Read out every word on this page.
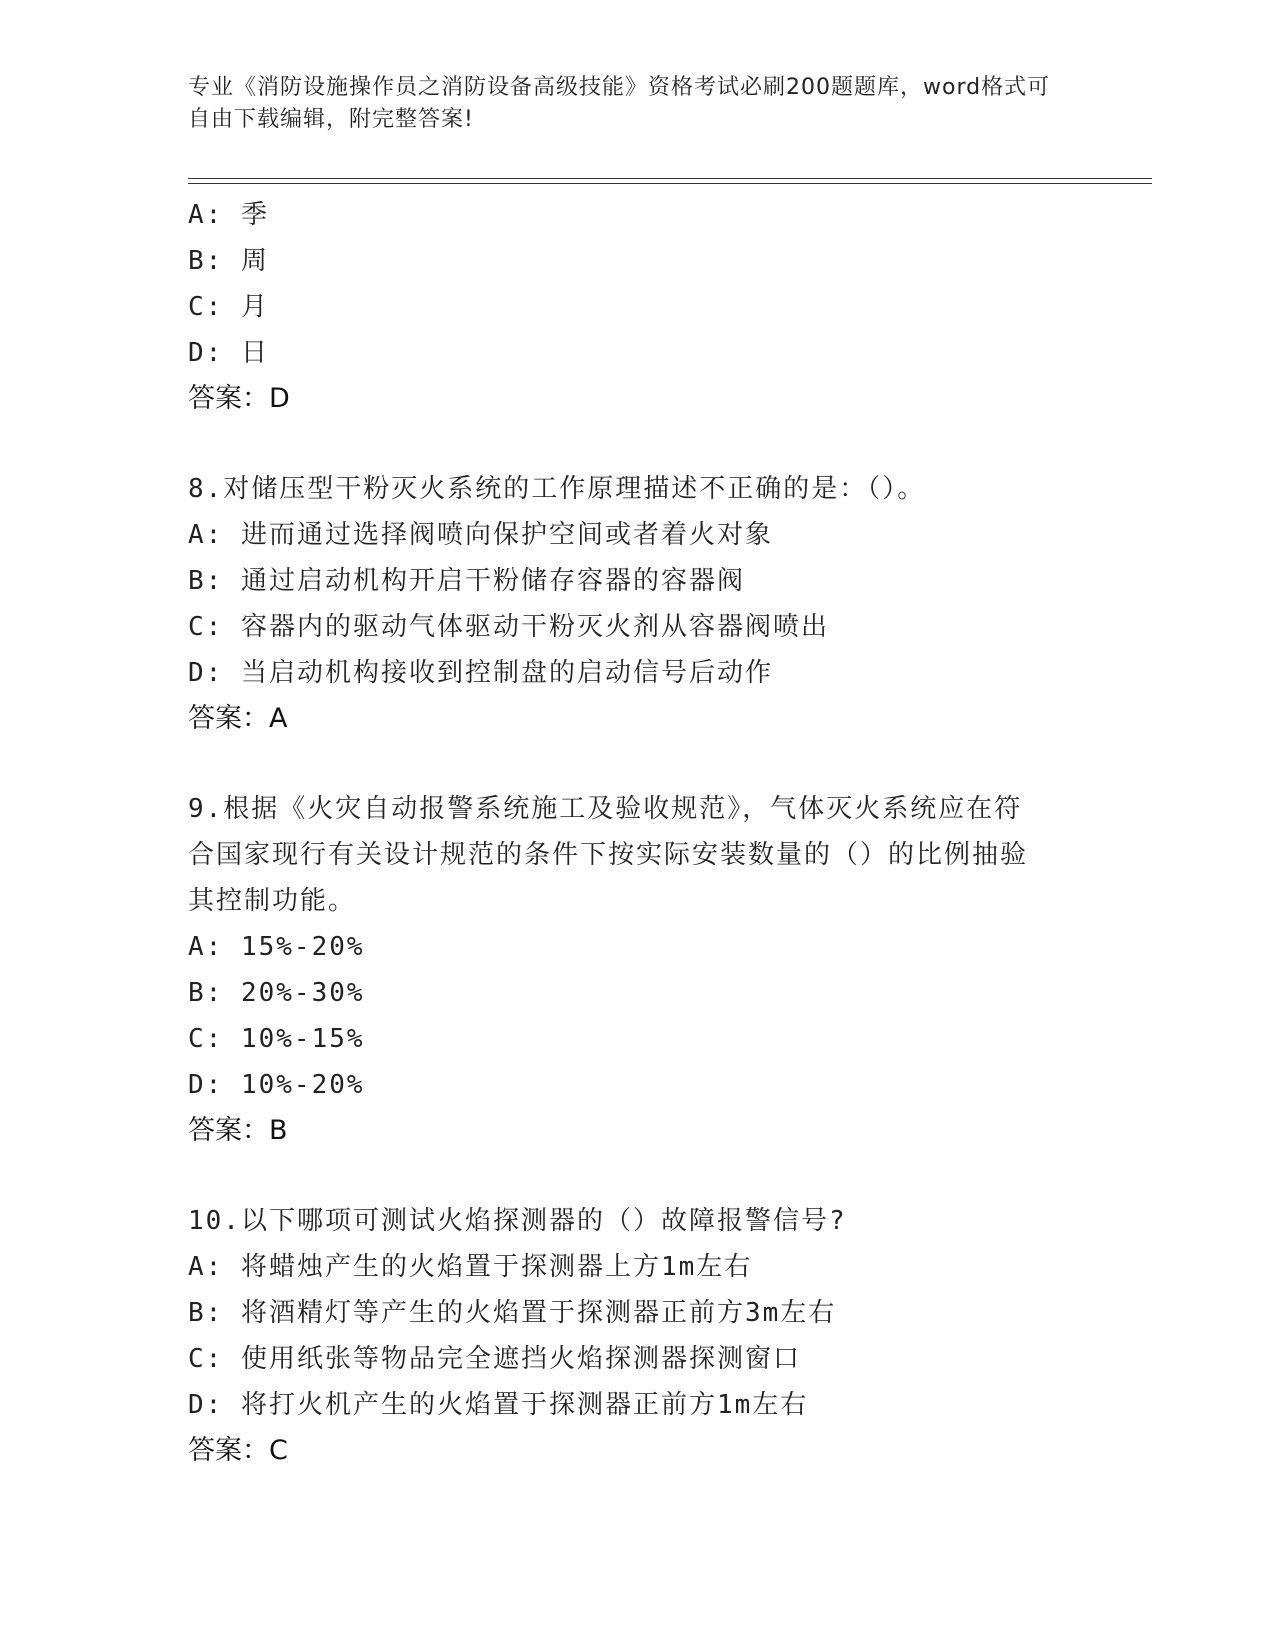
专业《消防设施操作员之消防设备高级技能》资格考试必刷200题题库，word格式可自由下载编辑，附完整答案!
A: 季
B: 周
C: 月
D: 日
答案：D
8.对储压型干粉灭火系统的工作原理描述不正确的是：（）。
A: 进而通过选择阀喷向保护空间或者着火对象
B: 通过启动机构开启干粉储存容器的容器阀
C: 容器内的驱动气体驱动干粉灭火剂从容器阀喷出
D: 当启动机构接收到控制盘的启动信号后动作
答案：A
9.根据《火灾自动报警系统施工及验收规范》，气体灭火系统应在符
合国家现行有关设计规范的条件下按实际安装数量的（）的比例抽验
其控制功能。
A: 15%-20%
B: 20%-30%
C: 10%-15%
D: 10%-20%
答案：B
10.以下哪项可测试火焰探测器的（）故障报警信号?
A: 将蜡烛产生的火焰置于探测器上方1m左右
B: 将酒精灯等产生的火焰置于探测器正前方3m左右
C: 使用纸张等物品完全遮挡火焰探测器探测窗口
D: 将打火机产生的火焰置于探测器正前方1m左右
答案：C
